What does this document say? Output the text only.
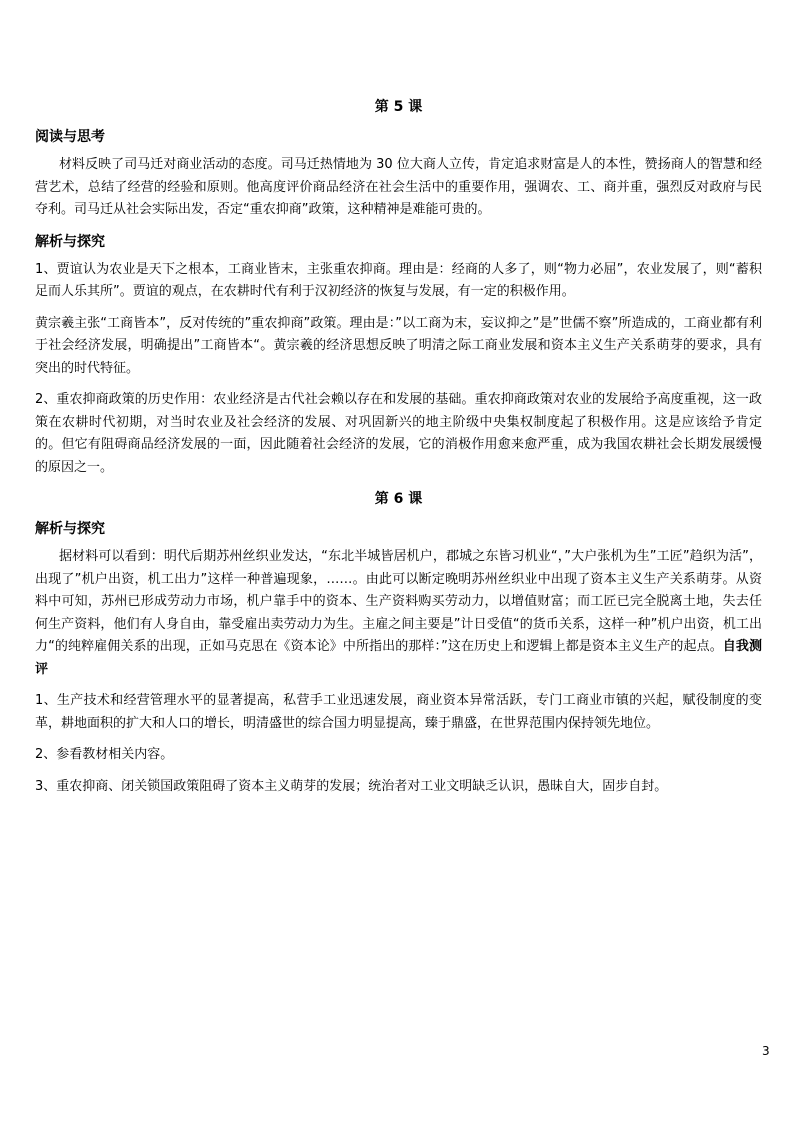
第 5 课
阅读与思考

材料反映了司马迁对商业活动的态度。司马迁热情地为 30 位大商人立传，肯定追求财富是人的本性，赞扬商人的智慧和经营艺术，总结了经营的经验和原则。他高度评价商品经济在社会生活中的重要作用，强调农、工、商并重，强烈反对政府与民夺利。司马迁从社会实际出发，否定“重农抑商”政策，这种精神是难能可贵的。

解析与探究

1、贾谊认为农业是天下之根本，工商业皆末，主张重农抑商。理由是：经商的人多了，则“物力必屈”，农业发展了，则“蓄积足而人乐其所”。贾谊的观点，在农耕时代有利于汉初经济的恢复与发展，有一定的积极作用。

黄宗羲主张“工商皆本”，反对传统的”重农抑商”政策。理由是：”以工商为末，妄议抑之”是”世儒不察”所造成的，工商业都有利于社会经济发展，明确提出”工商皆本“。黄宗羲的经济思想反映了明清之际工商业发展和资本主义生产关系萌芽的要求，具有突出的时代特征。

2、重农抑商政策的历史作用：农业经济是古代社会赖以存在和发展的基础。重农抑商政策对农业的发展给予高度重视，这一政策在农耕时代初期，对当时农业及社会经济的发展、对巩固新兴的地主阶级中央集权制度起了积极作用。这是应该给予肯定的。但它有阻碍商品经济发展的一面，因此随着社会经济的发展，它的消极作用愈来愈严重，成为我国农耕社会长期发展缓慢的原因之一。

第 6 课
解析与探究

据材料可以看到：明代后期苏州丝织业发达，“东北半城皆居机户，郡城之东皆习机业“，”大户张机为生”工匠”趋织为活”，出现了”机户出资，机工出力”这样一种普遍现象，……。由此可以断定晚明苏州丝织业中出现了资本主义生产关系萌芽。从资料中可知，苏州已形成劳动力市场，机户靠手中的资本、生产资料购买劳动力，以增值财富；而工匠已完全脱离土地，失去任何生产资料，他们有人身自由，靠受雇出卖劳动力为生。主雇之间主要是”计日受值“的货币关系，这样一种”机户出资，机工出力“的纯粹雇佣关系的出现，正如马克思在《资本论》中所指出的那样：”这在历史上和逻辑上都是资本主义生产的起点。自我测评

1、生产技术和经营管理水平的显著提高，私营手工业迅速发展，商业资本异常活跃，专门工商业市镇的兴起，赋役制度的变革，耕地面积的扩大和人口的增长，明清盛世的综合国力明显提高，臻于鼎盛，在世界范围内保持领先地位。

2、参看教材相关内容。

3、重农抑商、闭关锁国政策阻碍了资本主义萌芽的发展；统治者对工业文明缺乏认识，愚昧自大，固步自封。

3
